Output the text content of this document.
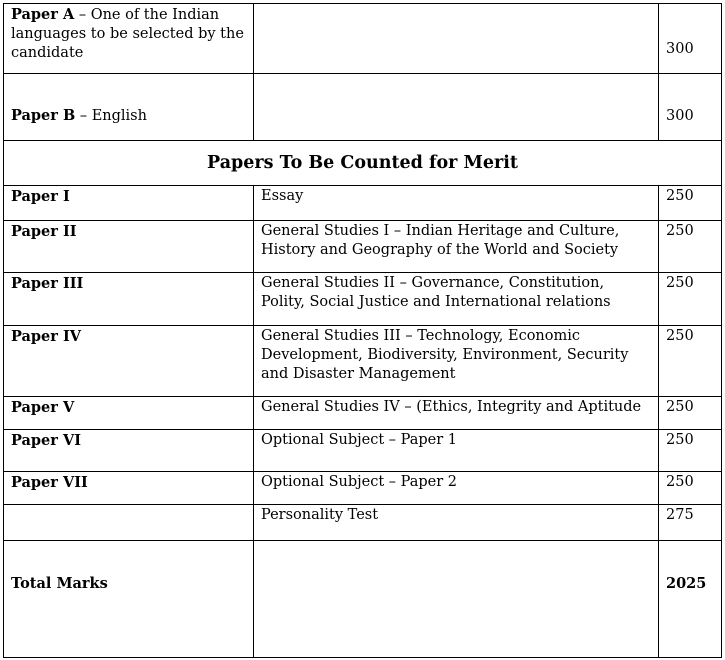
Paper A – One of the Indian languages to be selected by the candidate		300
Paper B – English		300
Papers To Be Counted for Merit		
Paper I	Essay	250
Paper II	General Studies I – Indian Heritage and Culture, History and Geography of the World and Society	250
Paper III	General Studies II – Governance, Constitution, Polity, Social Justice and International relations	250
Paper IV	General Studies III – Technology, Economic Development, Biodiversity, Environment, Security and Disaster Management	250
Paper V	General Studies IV – (Ethics, Integrity and Aptitude	250
Paper VI	Optional Subject – Paper 1	250
Paper VII	Optional Subject – Paper 2	250
	Personality Test	275
Total Marks		2025
